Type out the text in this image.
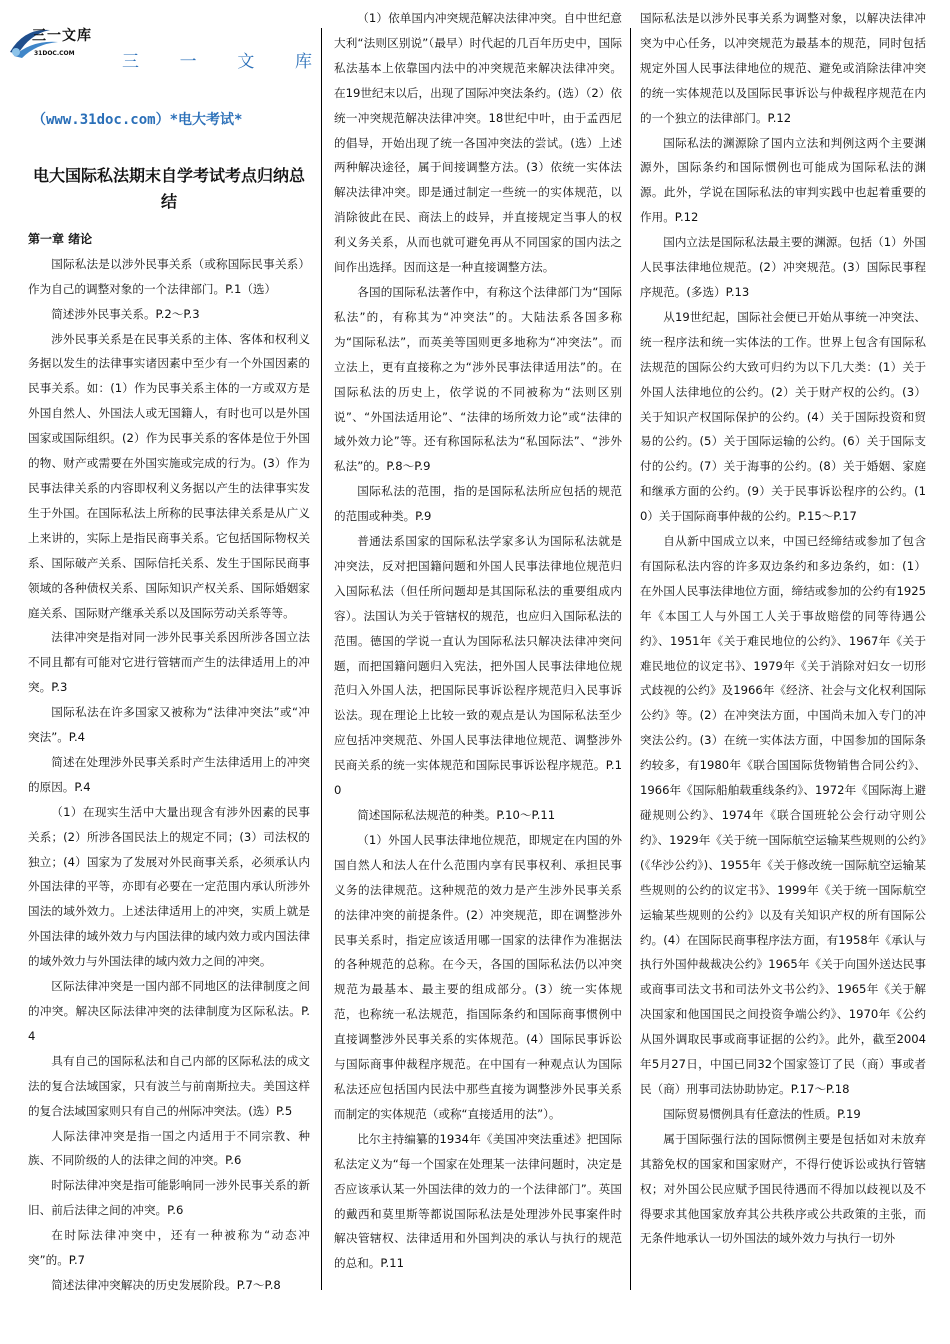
三一文库
31DOC.COM	三 一 文 库
（www.31doc.com）*电大考试*
电大国际私法期末自学考试考点归纳总结

第一章 绪论

国际私法是以涉外民事关系（或称国际民事关系）作为自己的调整对象的一个法律部门。P.1（选）

简述涉外民事关系。P.2～P.3

涉外民事关系是在民事关系的主体、客体和权利义务据以发生的法律事实诸因素中至少有一个外国因素的民事关系。如：(1）作为民事关系主体的一方或双方是外国自然人、外国法人或无国籍人，有时也可以是外国国家或国际组织。(2）作为民事关系的客体是位于外国的物、财产或需要在外国实施或完成的行为。(3）作为民事法律关系的内容即权利义务据以产生的法律事实发生于外国。在国际私法上所称的民事法律关系是从广义上来讲的，实际上是指民商事关系。它包括国际物权关系、国际破产关系、国际信托关系、发生于国际民商事领域的各种债权关系、国际知识产权关系、国际婚姻家庭关系、国际财产继承关系以及国际劳动关系等等。

法律冲突是指对同一涉外民事关系因所涉各国立法不同且都有可能对它进行管辖而产生的法律适用上的冲突。P.3

国际私法在许多国家又被称为“法律冲突法”或“冲突法”。P.4

简述在处理涉外民事关系时产生法律适用上的冲突的原因。P.4

（1）在现实生活中大量出现含有涉外因素的民事关系；(2）所涉各国民法上的规定不同；(3）司法权的独立；(4）国家为了发展对外民商事关系，必须承认内外国法律的平等，亦即有必要在一定范围内承认所涉外国法的域外效力。上述法律适用上的冲突，实质上就是外国法律的域外效力与内国法律的域内效力或内国法律的域外效力与外国法律的域内效力之间的冲突。

区际法律冲突是一国内部不同地区的法律制度之间的冲突。解决区际法律冲突的法律制度为区际私法。P.4

具有自己的国际私法和自己内部的区际私法的成文法的复合法域国家，只有波兰与前南斯拉夫。美国这样的复合法域国家则只有自己的州际冲突法。(选）P.5

人际法律冲突是指一国之内适用于不同宗教、种族、不同阶级的人的法律之间的冲突。P.6

时际法律冲突是指可能影响同一涉外民事关系的新旧、前后法律之间的冲突。P.6

在时际法律冲突中，还有一种被称为“动态冲突”的。P.7

简述法律冲突解决的历史发展阶段。P.7～P.8

（1）依单国内冲突规范解决法律冲突。自中世纪意大利“法则区别说”（最早）时代起的几百年历史中，国际私法基本上依靠国内法中的冲突规范来解决法律冲突。在19世纪末以后，出现了国际冲突法条约。(选）（2）依统一冲突规范解决法律冲突。18世纪中叶，由于孟西尼的倡导，开始出现了统一各国冲突法的尝试。(选）上述两种解决途径，属于间接调整方法。(3）依统一实体法解决法律冲突。即是通过制定一些统一的实体规范，以消除彼此在民、商法上的歧异，并直接规定当事人的权利义务关系，从而也就可避免再从不同国家的国内法之间作出选择。因而这是一种直接调整方法。

各国的国际私法著作中，有称这个法律部门为“国际私法”的，有称其为“冲突法”的。大陆法系各国多称为“国际私法”，而英美等国则更多地称为“冲突法”。而立法上，更有直接称之为“涉外民事法律适用法”的。在国际私法的历史上，依学说的不同被称为“法则区别说”、“外国法适用论”、“法律的场所效力论”或“法律的域外效力论”等。还有称国际私法为“私国际法”、“涉外私法”的。P.8～P.9

国际私法的范围，指的是国际私法所应包括的规范的范围或种类。P.9

普通法系国家的国际私法学家多认为国际私法就是冲突法，反对把国籍问题和外国人民事法律地位规范归入国际私法（但任所问题却是其国际私法的重要组成内容）。法国认为关于管辖权的规范，也应归入国际私法的范围。德国的学说一直认为国际私法只解决法律冲突问题，而把国籍问题归入宪法，把外国人民事法律地位规范归入外国人法，把国际民事诉讼程序规范归入民事诉讼法。现在理论上比较一致的观点是认为国际私法至少应包括冲突规范、外国人民事法律地位规范、调整涉外民商关系的统一实体规范和国际民事诉讼程序规范。P.10

简述国际私法规范的种类。P.10～P.11

（1）外国人民事法律地位规范，即规定在内国的外国自然人和法人在什么范围内享有民事权利、承担民事义务的法律规范。这种规范的效力是产生涉外民事关系的法律冲突的前提条件。(2）冲突规范，即在调整涉外民事关系时，指定应该适用哪一国家的法律作为准据法的各种规范的总称。在今天，各国的国际私法仍以冲突规范为最基本、最主要的组成部分。(3）统一实体规范，也称统一私法规范，指国际条约和国际商事惯例中直接调整涉外民事关系的实体规范。(4）国际民事诉讼与国际商事仲裁程序规范。在中国有一种观点认为国际私法还应包括国内民法中那些直接为调整涉外民事关系而制定的实体规范（或称“直接适用的法”）。

比尔主持编纂的1934年《美国冲突法重述》把国际私法定义为“每一个国家在处理某一法律问题时，决定是否应该承认某一外国法律的效力的一个法律部门”。英国的戴西和莫里斯等都说国际私法是处理涉外民事案件时解决管辖权、法律适用和外国判决的承认与执行的规范的总和。P.11

国际私法是以涉外民事关系为调整对象，以解决法律冲突为中心任务，以冲突规范为最基本的规范，同时包括规定外国人民事法律地位的规范、避免或消除法律冲突的统一实体规范以及国际民事诉讼与仲裁程序规范在内的一个独立的法律部门。P.12

国际私法的渊源除了国内立法和判例这两个主要渊源外，国际条约和国际惯例也可能成为国际私法的渊源。此外，学说在国际私法的审判实践中也起着重要的作用。P.12

国内立法是国际私法最主要的渊源。包括（1）外国人民事法律地位规范。(2）冲突规范。(3）国际民事程序规范。(多选）P.13

从19世纪起，国际社会便已开始从事统一冲突法、统一程序法和统一实体法的工作。世界上包含有国际私法规范的国际公约大致可归约为以下几大类：(1）关于外国人法律地位的公约。(2）关于财产权的公约。(3）关于知识产权国际保护的公约。(4）关于国际投资和贸易的公约。(5）关于国际运输的公约。(6）关于国际支付的公约。(7）关于海事的公约。(8）关于婚姻、家庭和继承方面的公约。(9）关于民事诉讼程序的公约。(10）关于国际商事仲裁的公约。P.15～P.17

自从新中国成立以来，中国已经缔结或参加了包含有国际私法内容的许多双边条约和多边条约，如：(1）在外国人民事法律地位方面，缔结或参加的公约有1925年《本国工人与外国工人关于事故赔偿的同等待遇公约》、1951年《关于难民地位的公约》、1967年《关于难民地位的议定书》、1979年《关于消除对妇女一切形式歧视的公约》及1966年《经济、社会与文化权利国际公约》等。(2）在冲突法方面，中国尚未加入专门的冲突法公约。(3）在统一实体法方面，中国参加的国际条约较多，有1980年《联合国国际货物销售合同公约》、1966年《国际船舶载重线条约》、1972年《国际海上避碰规则公约》、1974年《联合国班轮公会行动守则公约》、1929年《关于统一国际航空运输某些规则的公约》(《华沙公约》)、1955年《关于修改统一国际航空运输某些规则的公约的议定书》、1999年《关于统一国际航空运输某些规则的公约》以及有关知识产权的所有国际公约。(4）在国际民商事程序法方面，有1958年《承认与执行外国仲裁裁决公约》1965年《关于向国外送达民事或商事司法文书和司法外文书公约》、1965年《关于解决国家和他国国民之间投资争端公约》、1970年《公约从国外调取民事或商事证据的公约》。此外，截至2004年5月27日，中国已同32个国家签订了民（商）事或者民（商）刑事司法协助协定。P.17～P.18

国际贸易惯例具有任意法的性质。P.19

属于国际强行法的国际惯例主要是包括如对未放弃其豁免权的国家和国家财产，不得行使诉讼或执行管辖权；对外国公民应赋予国民待遇而不得加以歧视以及不得要求其他国家放弃其公共秩序或公共政策的主张，而无条件地承认一切外国法的域外效力与执行一切外
